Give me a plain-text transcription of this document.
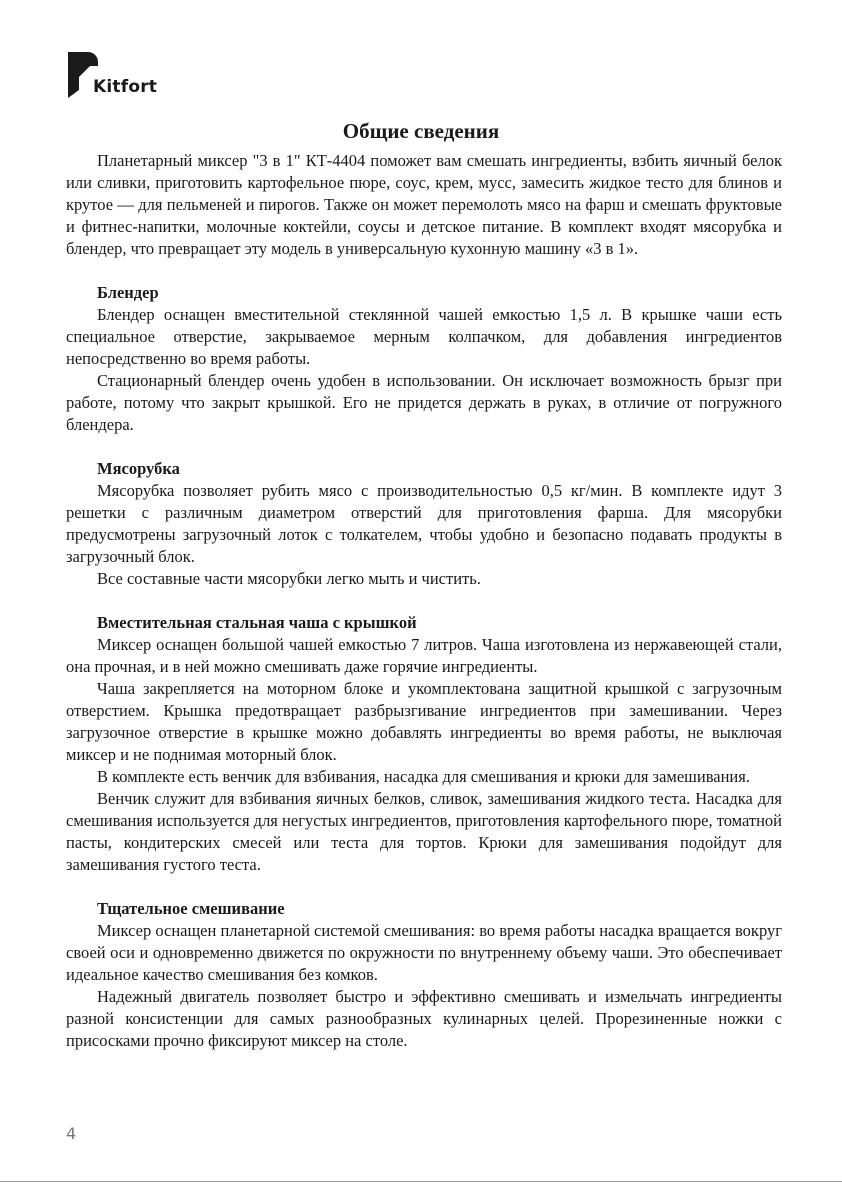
Kitfort
Общие сведения

Планетарный миксер "3 в 1" КТ-4404 поможет вам смешать ингредиенты, взбить яичный белок или сливки, приготовить картофельное пюре, соус, крем, мусс, замесить жидкое тесто для блинов и крутое — для пельменей и пирогов. Также он может перемолоть мясо на фарш и смешать фруктовые и фитнес-напитки, молочные коктейли, соусы и детское питание. В комплект входят мясорубка и блендер, что превращает эту модель в универсальную кухонную машину «3 в 1».

Блендер

Блендер оснащен вместительной стеклянной чашей емкостью 1,5 л. В крышке чаши есть специальное отверстие, закрываемое мерным колпачком, для добавления ингредиентов непосредственно во время работы.

Стационарный блендер очень удобен в использовании. Он исключает возможность брызг при работе, потому что закрыт крышкой. Его не придется держать в руках, в отличие от погружного блендера.

Мясорубка

Мясорубка позволяет рубить мясо с производительностью 0,5 кг/мин. В комплекте идут 3 решетки с различным диаметром отверстий для приготовления фарша. Для мясорубки предусмотрены загрузочный лоток с толкателем, чтобы удобно и безопасно подавать продукты в загрузочный блок.

Все составные части мясорубки легко мыть и чистить.

Вместительная стальная чаша с крышкой

Миксер оснащен большой чашей емкостью 7 литров. Чаша изготовлена из нержавеющей стали, она прочная, и в ней можно смешивать даже горячие ингредиенты.

Чаша закрепляется на моторном блоке и укомплектована защитной крышкой с загрузочным отверстием. Крышка предотвращает разбрызгивание ингредиентов при замешивании. Через загрузочное отверстие в крышке можно добавлять ингредиенты во время работы, не выключая миксер и не поднимая моторный блок.

В комплекте есть венчик для взбивания, насадка для смешивания и крюки для замешивания.

Венчик служит для взбивания яичных белков, сливок, замешивания жидкого теста. Насадка для смешивания используется для негустых ингредиентов, приготовления картофельного пюре, томатной пасты, кондитерских смесей или теста для тортов. Крюки для замешивания подойдут для замешивания густого теста.

Тщательное смешивание

Миксер оснащен планетарной системой смешивания: во время работы насадка вращается вокруг своей оси и одновременно движется по окружности по внутреннему объему чаши. Это обеспечивает идеальное качество смешивания без комков.

Надежный двигатель позволяет быстро и эффективно смешивать и измельчать ингредиенты разной консистенции для самых разнообразных кулинарных целей. Прорезиненные ножки с присосками прочно фиксируют миксер на столе.

4
